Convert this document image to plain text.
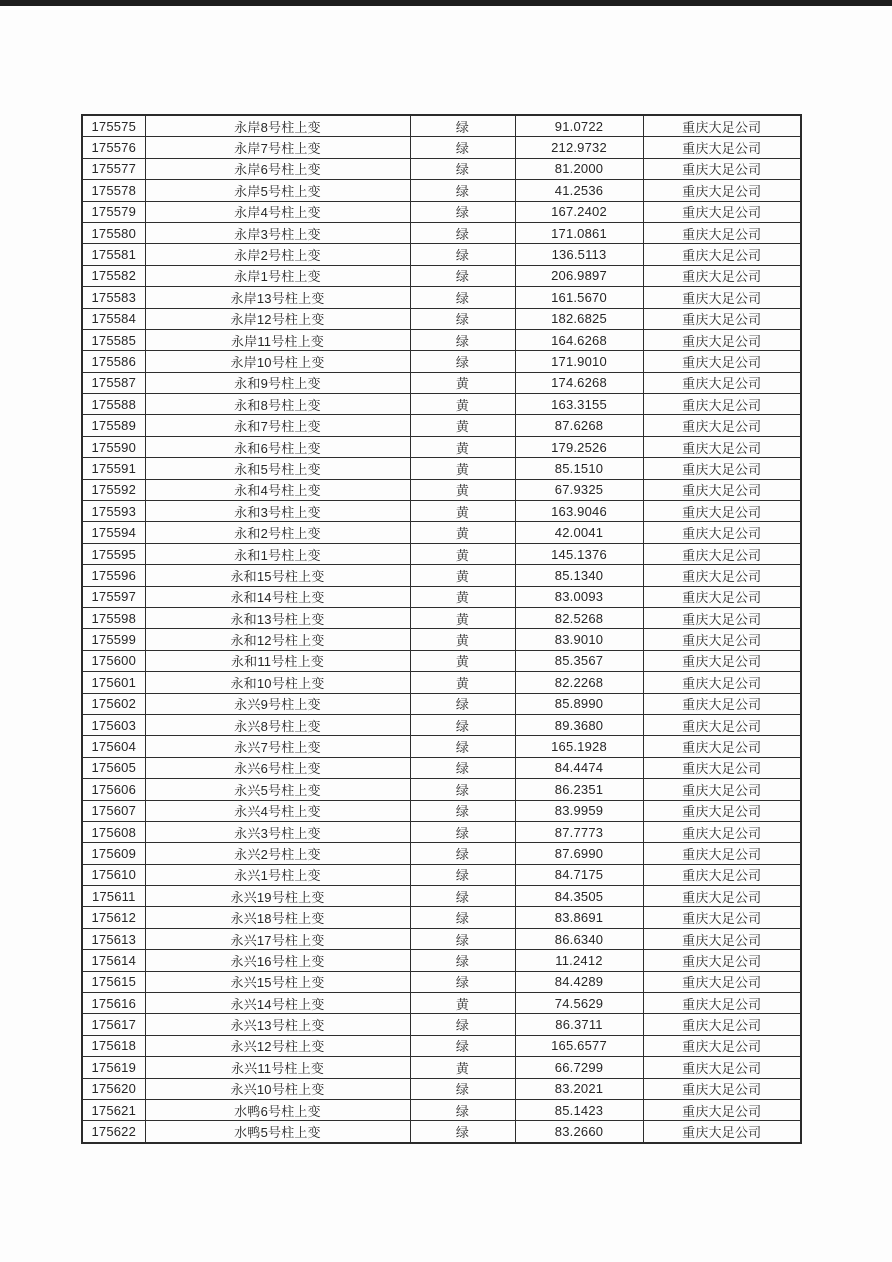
175575	永岸8号柱上变	绿	91.0722	重庆大足公司
175576	永岸7号柱上变	绿	212.9732	重庆大足公司
175577	永岸6号柱上变	绿	81.2000	重庆大足公司
175578	永岸5号柱上变	绿	41.2536	重庆大足公司
175579	永岸4号柱上变	绿	167.2402	重庆大足公司
175580	永岸3号柱上变	绿	171.0861	重庆大足公司
175581	永岸2号柱上变	绿	136.5113	重庆大足公司
175582	永岸1号柱上变	绿	206.9897	重庆大足公司
175583	永岸13号柱上变	绿	161.5670	重庆大足公司
175584	永岸12号柱上变	绿	182.6825	重庆大足公司
175585	永岸11号柱上变	绿	164.6268	重庆大足公司
175586	永岸10号柱上变	绿	171.9010	重庆大足公司
175587	永和9号柱上变	黄	174.6268	重庆大足公司
175588	永和8号柱上变	黄	163.3155	重庆大足公司
175589	永和7号柱上变	黄	87.6268	重庆大足公司
175590	永和6号柱上变	黄	179.2526	重庆大足公司
175591	永和5号柱上变	黄	85.1510	重庆大足公司
175592	永和4号柱上变	黄	67.9325	重庆大足公司
175593	永和3号柱上变	黄	163.9046	重庆大足公司
175594	永和2号柱上变	黄	42.0041	重庆大足公司
175595	永和1号柱上变	黄	145.1376	重庆大足公司
175596	永和15号柱上变	黄	85.1340	重庆大足公司
175597	永和14号柱上变	黄	83.0093	重庆大足公司
175598	永和13号柱上变	黄	82.5268	重庆大足公司
175599	永和12号柱上变	黄	83.9010	重庆大足公司
175600	永和11号柱上变	黄	85.3567	重庆大足公司
175601	永和10号柱上变	黄	82.2268	重庆大足公司
175602	永兴9号柱上变	绿	85.8990	重庆大足公司
175603	永兴8号柱上变	绿	89.3680	重庆大足公司
175604	永兴7号柱上变	绿	165.1928	重庆大足公司
175605	永兴6号柱上变	绿	84.4474	重庆大足公司
175606	永兴5号柱上变	绿	86.2351	重庆大足公司
175607	永兴4号柱上变	绿	83.9959	重庆大足公司
175608	永兴3号柱上变	绿	87.7773	重庆大足公司
175609	永兴2号柱上变	绿	87.6990	重庆大足公司
175610	永兴1号柱上变	绿	84.7175	重庆大足公司
175611	永兴19号柱上变	绿	84.3505	重庆大足公司
175612	永兴18号柱上变	绿	83.8691	重庆大足公司
175613	永兴17号柱上变	绿	86.6340	重庆大足公司
175614	永兴16号柱上变	绿	11.2412	重庆大足公司
175615	永兴15号柱上变	绿	84.4289	重庆大足公司
175616	永兴14号柱上变	黄	74.5629	重庆大足公司
175617	永兴13号柱上变	绿	86.3711	重庆大足公司
175618	永兴12号柱上变	绿	165.6577	重庆大足公司
175619	永兴11号柱上变	黄	66.7299	重庆大足公司
175620	永兴10号柱上变	绿	83.2021	重庆大足公司
175621	水鸭6号柱上变	绿	85.1423	重庆大足公司
175622	水鸭5号柱上变	绿	83.2660	重庆大足公司
